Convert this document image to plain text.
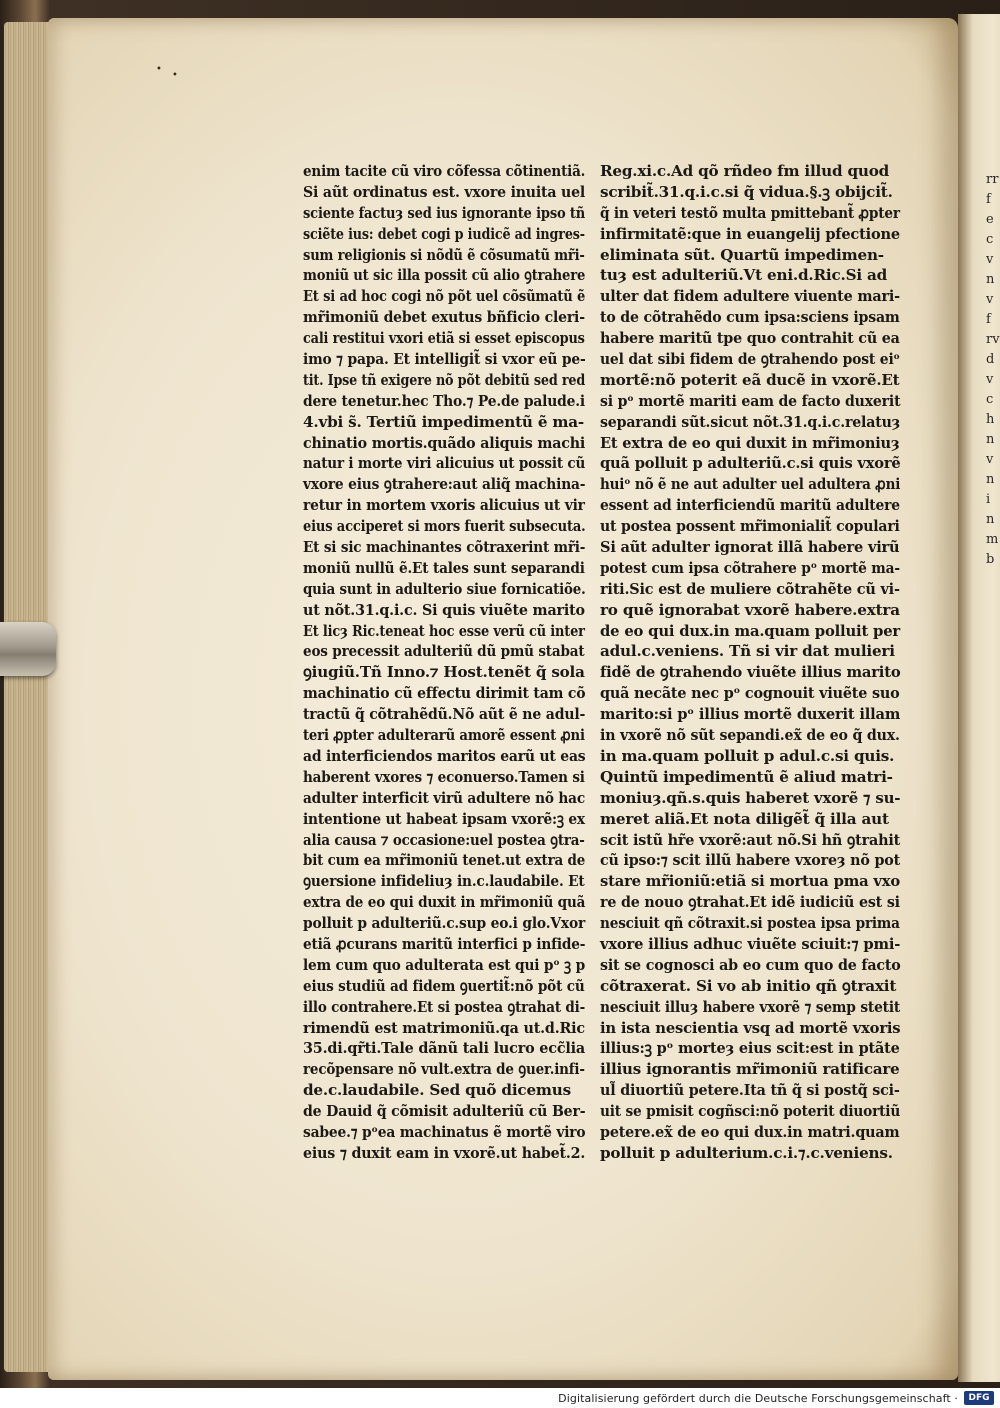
rr
f
e
c
v
n
v
f
rv
d
v
c
h
n
v
n
i
n
m
b
•
•
enim tacite cũ viro cõfessa cõtinentiã.
Si aũt ordinatus est. vxore inuita uel
sciente factuȝ sed ius ignorante ipso tñ
sciẽte ius: debet cogi p iudicẽ ad ingres-
sum religionis si nõdũ ẽ cõsumatũ mr̃i-
moniũ ut sic illa possit cũ alio ꝯtrahere
Et si ad hoc cogi nõ põt uel cõsũmatũ ẽ
mr̃imoniũ debet exutus bñficio cleri-
cali restitui vxori etiã si esset episcopus
imo ⁊ papa. Et intelligit̃ si vxor eũ pe-
tit. Ipse tñ exigere nõ põt debitũ sed red
dere tenetur.hec Tho.⁊ Pe.de palude.i
4.vbi s̃. Tertiũ impedimentũ ẽ ma-
chinatio mortis.quãdo aliquis machi
natur i morte viri alicuius ut possit cũ
vxore eius ꝯtrahere:aut aliq̃ machina-
retur in mortem vxoris alicuius ut vir
eius acciperet si mors fuerit subsecuta.
Et si sic machinantes cõtraxerint mr̃i-
moniũ nullũ ẽ.Et tales sunt separandi
quia sunt in adulterio siue fornicatiõe.
ut nõt.31.q.i.c. Si quis viuẽte marito
Et licȝ Ric.teneat hoc esse verũ cũ inter
eos precessit adulteriũ dũ pmũ stabat
ꝯiugiũ.Tñ Inno.⁊ Host.tenẽt q̃ sola
machinatio cũ effectu dirimit tam cõ
tractũ q̃ cõtrahẽdũ.Nõ aũt ẽ ne adul-
teri ꝓpter adulterarũ amorẽ essent ꝓni
ad interficiendos maritos earũ ut eas
haberent vxores ⁊ econuerso.Tamen si
adulter interficit virũ adultere nõ hac
intentione ut habeat ipsam vxorẽ:ꝫ ex
alia causa ⁊ occasione:uel postea ꝯtra-
bit cum ea mr̃imoniũ tenet.ut extra de
ꝯuersione infideliuȝ in.c.laudabile. Et
extra de eo qui duxit in mr̃imoniũ quã
polluit p adulteriũ.c.sup eo.i glo.Vxor
etiã ꝓcurans maritũ interfici p infide-
lem cum quo adulterata est qui pᵒ ꝫ p
eius studiũ ad fidem ꝯuertit̃:nõ põt cũ
illo contrahere.Et si postea ꝯtrahat di-
rimendũ est matrimoniũ.qa ut.d.Ric
35.di.qr̃ti.Tale dãnũ tali lucro ecc̃lia
recõpensare nõ vult.extra de ꝯuer.infi-
de.c.laudabile. Sed quõ dicemus
de Dauid q̃ cõmisit adulteriũ cũ Ber-
sabee.⁊ pᵒea machinatus ẽ mortẽ viro
eius ⁊ duxit eam in vxorẽ.ut habet̃.2.
Reg.xi.c.Ad qõ rñdeo fm illud quod
scribit̃.31.q.i.c.si q̃ vidua.§.ꝫ obijcit̃.
q̃ in veteri testõ multa pmittebant̃ ꝓpter
infirmitatẽ:que in euangelij pfectione
eliminata sũt. Quartũ impedimen-
tuȝ est adulteriũ.Vt eni.d.Ric.Si ad
ulter dat fidem adultere viuente mari-
to de cõtrahẽdo cum ipsa:sciens ipsam
habere maritũ tpe quo contrahit cũ ea
uel dat sibi fidem de ꝯtrahendo post eiᵒ
mortẽ:nõ poterit eã ducẽ in vxorẽ.Et
si pᵒ mortẽ mariti eam de facto duxerit
separandi sũt.sicut nõt.31.q.i.c.relatuȝ
Et extra de eo qui duxit in mr̃imoniuȝ
quã polluit p adulteriũ.c.si quis vxorẽ
huiᵒ nõ ẽ ne aut adulter uel adultera ꝓni
essent ad interficiendũ maritũ adultere
ut postea possent mr̃imonialit̃ copulari
Si aũt adulter ignorat illã habere virũ
potest cum ipsa cõtrahere pᵒ mortẽ ma-
riti.Sic est de muliere cõtrahẽte cũ vi-
ro quẽ ignorabat vxorẽ habere.extra
de eo qui dux.in ma.quam polluit per
adul.c.veniens. Tñ si vir dat mulieri
fidẽ de ꝯtrahendo viuẽte illius marito
quã necãte nec pᵒ cognouit viuẽte suo
marito:si pᵒ illius mortẽ duxerit illam
in vxorẽ nõ sũt sepandi.ex̃ de eo q̃ dux.
in ma.quam polluit p adul.c.si quis.
Quintũ impedimentũ ẽ aliud matri-
moniuȝ.qñ.s.quis haberet vxorẽ ⁊ su-
meret aliã.Et nota diligẽt̃ q̃ illa aut
scit istũ hr̃e vxorẽ:aut nõ.Si hñ ꝯtrahit
cũ ipso:⁊ scit illũ habere vxoreȝ nõ pot
stare mr̃ioniũ:etiã si mortua pma vxo
re de nouo ꝯtrahat.Et idẽ iudiciũ est si
nesciuit qñ cõtraxit.si postea ipsa prima
vxore illius adhuc viuẽte sciuit:⁊ pmi-
sit se cognosci ab eo cum quo de facto
cõtraxerat. Si vo ab initio qñ ꝯtraxit
nesciuit illuȝ habere vxorẽ ⁊ semp stetit
in ista nescientia vsq ad mortẽ vxoris
illius:ꝫ pᵒ morteȝ eius scit:est in ptãte
illius ignorantis mr̃imoniũ ratificare
ul̃ diuortiũ petere.Ita tñ q̃ si postq̃ sci-
uit se pmisit cogñsci:nõ poterit diuortiũ
petere.ex̃ de eo qui dux.in matri.quam
polluit p adulterium.c.i.⁊.c.veniens.
Digitalisierung gefördert durch die Deutsche Forschungsgemeinschaft ·	DFG
